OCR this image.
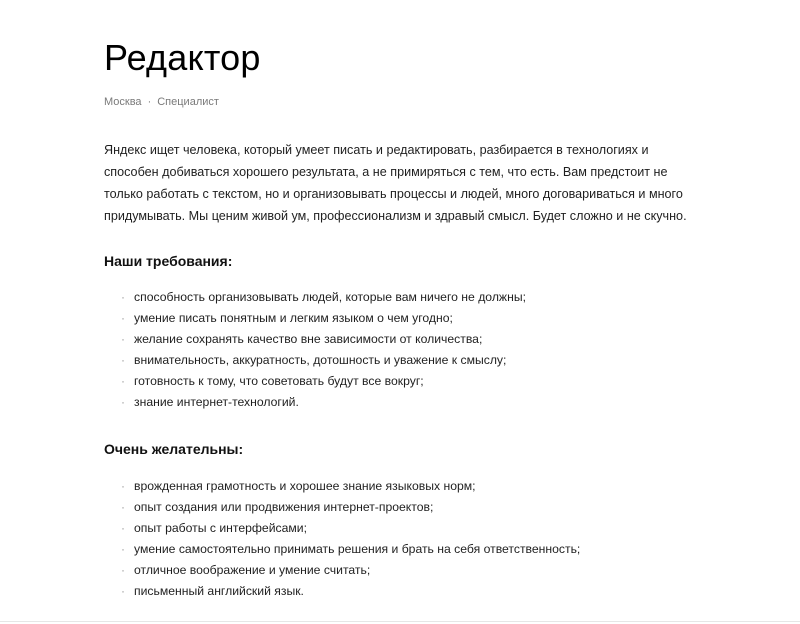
Редактор
Москва · Специалист

Яндекс ищет человека, который умеет писать и редактировать, разбирается в технологиях и способен добиваться хорошего результата, а не примиряться с тем, что есть. Вам предстоит не только работать с текстом, но и организовывать процессы и людей, много договариваться и много придумывать. Мы ценим живой ум, профессионализм и здравый смысл. Будет сложно и не скучно.

Наши требования:
· способность организовывать людей, которые вам ничего не должны;
· умение писать понятным и легким языком о чем угодно;
· желание сохранять качество вне зависимости от количества;
· внимательность, аккуратность, дотошность и уважение к смыслу;
· готовность к тому, что советовать будут все вокруг;
· знание интернет-технологий.
Очень желательны:
· врожденная грамотность и хорошее знание языковых норм;
· опыт создания или продвижения интернет-проектов;
· опыт работы с интерфейсами;
· умение самостоятельно принимать решения и брать на себя ответственность;
· отличное воображение и умение считать;
· письменный английский язык.
